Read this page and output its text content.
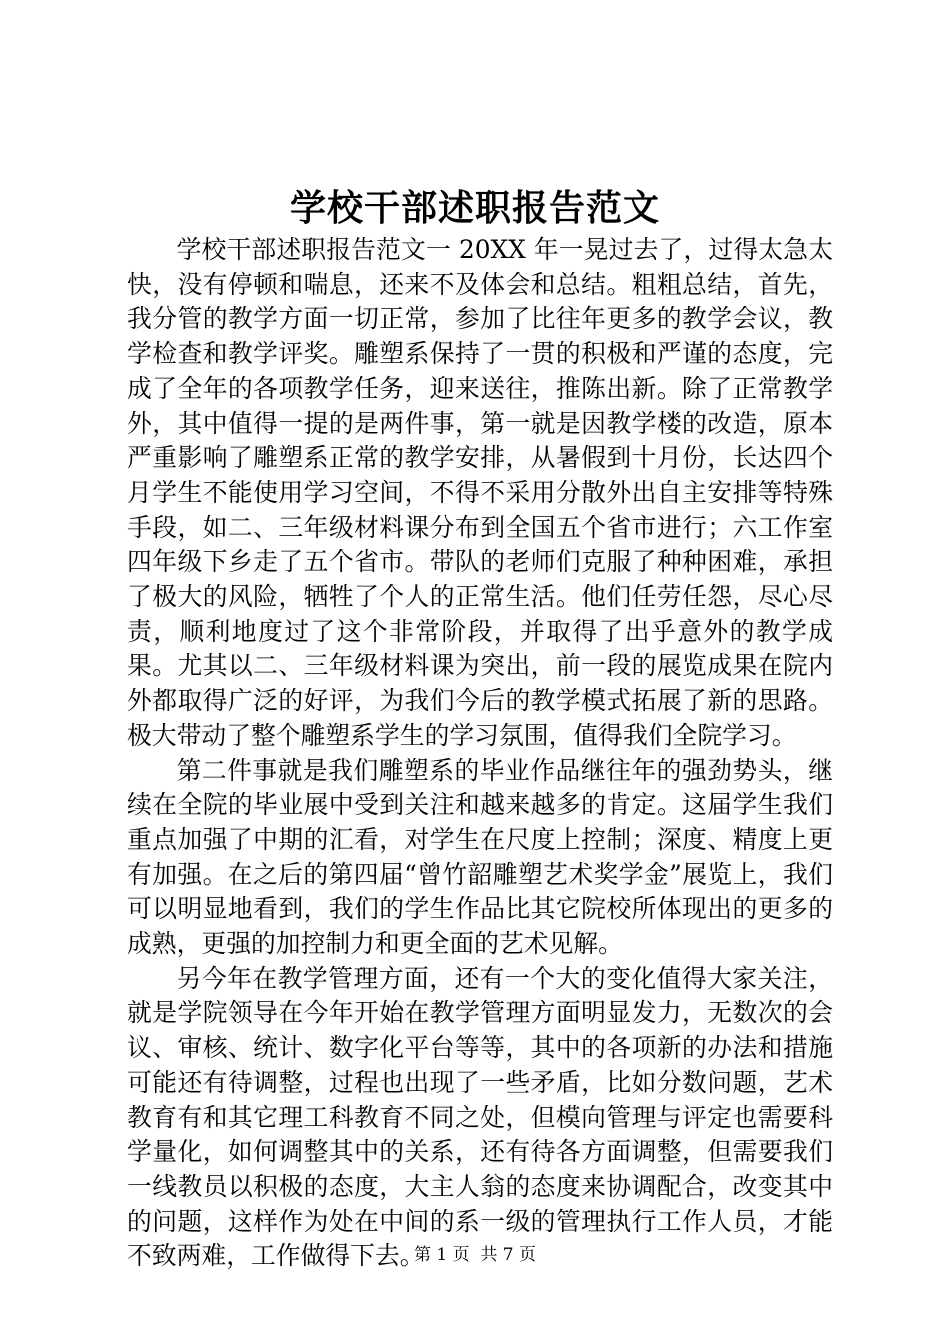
学校干部述职报告范文

学校干部述职报告范文一 20XX 年一晃过去了，过得太急太快，没有停顿和喘息，还来不及体会和总结。粗粗总结，首先，我分管的教学方面一切正常，参加了比往年更多的教学会议，教学检查和教学评奖。雕塑系保持了一贯的积极和严谨的态度，完成了全年的各项教学任务，迎来送往，推陈出新。除了正常教学外，其中值得一提的是两件事，第一就是因教学楼的改造，原本严重影响了雕塑系正常的教学安排，从暑假到十月份，长达四个月学生不能使用学习空间，不得不采用分散外出自主安排等特殊手段，如二、三年级材料课分布到全国五个省市进行；六工作室四年级下乡走了五个省市。带队的老师们克服了种种困难，承担了极大的风险，牺牲了个人的正常生活。他们任劳任怨，尽心尽责，顺利地度过了这个非常阶段，并取得了出乎意外的教学成果。尤其以二、三年级材料课为突出，前一段的展览成果在院内外都取得广泛的好评，为我们今后的教学模式拓展了新的思路。极大带动了整个雕塑系学生的学习氛围，值得我们全院学习。

第二件事就是我们雕塑系的毕业作品继往年的强劲势头，继续在全院的毕业展中受到关注和越来越多的肯定。这届学生我们重点加强了中期的汇看，对学生在尺度上控制；深度、精度上更有加强。在之后的第四届“曾竹韶雕塑艺术奖学金”展览上，我们可以明显地看到，我们的学生作品比其它院校所体现出的更多的成熟，更强的加控制力和更全面的艺术见解。

另今年在教学管理方面，还有一个大的变化值得大家关注，就是学院领导在今年开始在教学管理方面明显发力，无数次的会议、审核、统计、数字化平台等等，其中的各项新的办法和措施可能还有待调整，过程也出现了一些矛盾，比如分数问题，艺术教育有和其它理工科教育不同之处，但模向管理与评定也需要科学量化，如何调整其中的关系，还有待各方面调整，但需要我们一线教员以积极的态度，大主人翁的态度来协调配合，改变其中的问题，这样作为处在中间的系一级的管理执行工作人员，才能不致两难，工作做得下去。

第 1 页  共 7 页
